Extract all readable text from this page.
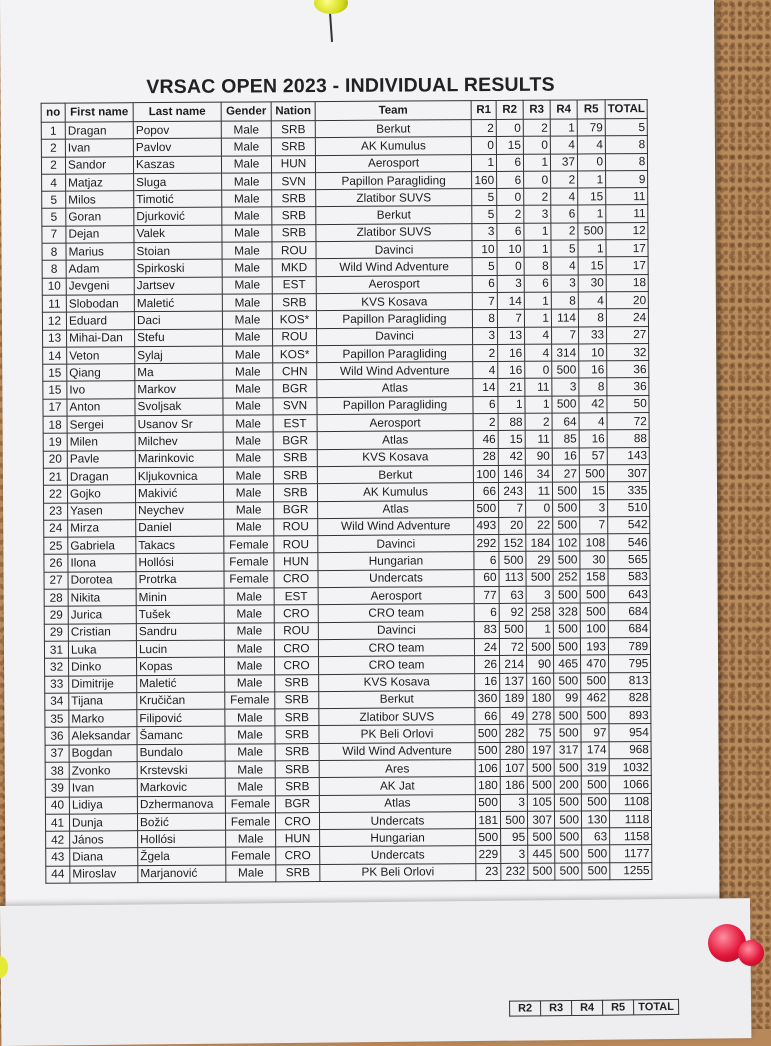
VRSAC OPEN 2023 - INDIVIDUAL RESULTS
no	First name	Last name	Gender	Nation	Team	R1	R2	R3	R4	R5	TOTAL
1	Dragan	Popov	Male	SRB	Berkut	2	0	2	1	79	5
2	Ivan	Pavlov	Male	SRB	AK Kumulus	0	15	0	4	4	8
2	Sandor	Kaszas	Male	HUN	Aerosport	1	6	1	37	0	8
4	Matjaz	Sluga	Male	SVN	Papillon Paragliding	160	6	0	2	1	9
5	Milos	Timotić	Male	SRB	Zlatibor SUVS	5	0	2	4	15	11
5	Goran	Djurković	Male	SRB	Berkut	5	2	3	6	1	11
7	Dejan	Valek	Male	SRB	Zlatibor SUVS	3	6	1	2	500	12
8	Marius	Stoian	Male	ROU	Davinci	10	10	1	5	1	17
8	Adam	Spirkoski	Male	MKD	Wild Wind Adventure	5	0	8	4	15	17
10	Jevgeni	Jartsev	Male	EST	Aerosport	6	3	6	3	30	18
11	Slobodan	Maletić	Male	SRB	KVS Kosava	7	14	1	8	4	20
12	Eduard	Daci	Male	KOS*	Papillon Paragliding	8	7	1	114	8	24
13	Mihai-Dan	Stefu	Male	ROU	Davinci	3	13	4	7	33	27
14	Veton	Sylaj	Male	KOS*	Papillon Paragliding	2	16	4	314	10	32
15	Qiang	Ma	Male	CHN	Wild Wind Adventure	4	16	0	500	16	36
15	Ivo	Markov	Male	BGR	Atlas	14	21	11	3	8	36
17	Anton	Svoljsak	Male	SVN	Papillon Paragliding	6	1	1	500	42	50
18	Sergei	Usanov Sr	Male	EST	Aerosport	2	88	2	64	4	72
19	Milen	Milchev	Male	BGR	Atlas	46	15	11	85	16	88
20	Pavle	Marinkovic	Male	SRB	KVS Kosava	28	42	90	16	57	143
21	Dragan	Kljukovnica	Male	SRB	Berkut	100	146	34	27	500	307
22	Gojko	Makivić	Male	SRB	AK Kumulus	66	243	11	500	15	335
23	Yasen	Neychev	Male	BGR	Atlas	500	7	0	500	3	510
24	Mirza	Daniel	Male	ROU	Wild Wind Adventure	493	20	22	500	7	542
25	Gabriela	Takacs	Female	ROU	Davinci	292	152	184	102	108	546
26	Ilona	Hollósi	Female	HUN	Hungarian	6	500	29	500	30	565
27	Dorotea	Protrka	Female	CRO	Undercats	60	113	500	252	158	583
28	Nikita	Minin	Male	EST	Aerosport	77	63	3	500	500	643
29	Jurica	Tušek	Male	CRO	CRO team	6	92	258	328	500	684
29	Cristian	Sandru	Male	ROU	Davinci	83	500	1	500	100	684
31	Luka	Lucin	Male	CRO	CRO team	24	72	500	500	193	789
32	Dinko	Kopas	Male	CRO	CRO team	26	214	90	465	470	795
33	Dimitrije	Maletić	Male	SRB	KVS Kosava	16	137	160	500	500	813
34	Tijana	Kručičan	Female	SRB	Berkut	360	189	180	99	462	828
35	Marko	Filipović	Male	SRB	Zlatibor SUVS	66	49	278	500	500	893
36	Aleksandar	Šamanc	Male	SRB	PK Beli Orlovi	500	282	75	500	97	954
37	Bogdan	Bundalo	Male	SRB	Wild Wind Adventure	500	280	197	317	174	968
38	Zvonko	Krstevski	Male	SRB	Ares	106	107	500	500	319	1032
39	Ivan	Markovic	Male	SRB	AK Jat	180	186	500	200	500	1066
40	Lidiya	Dzhermanova	Female	BGR	Atlas	500	3	105	500	500	1108
41	Dunja	Božić	Female	CRO	Undercats	181	500	307	500	130	1118
42	János	Hollósi	Male	HUN	Hungarian	500	95	500	500	63	1158
43	Diana	Žgela	Female	CRO	Undercats	229	3	445	500	500	1177
44	Miroslav	Marjanović	Male	SRB	PK Beli Orlovi	23	232	500	500	500	1255
R2	R3	R4	R5	TOTAL
